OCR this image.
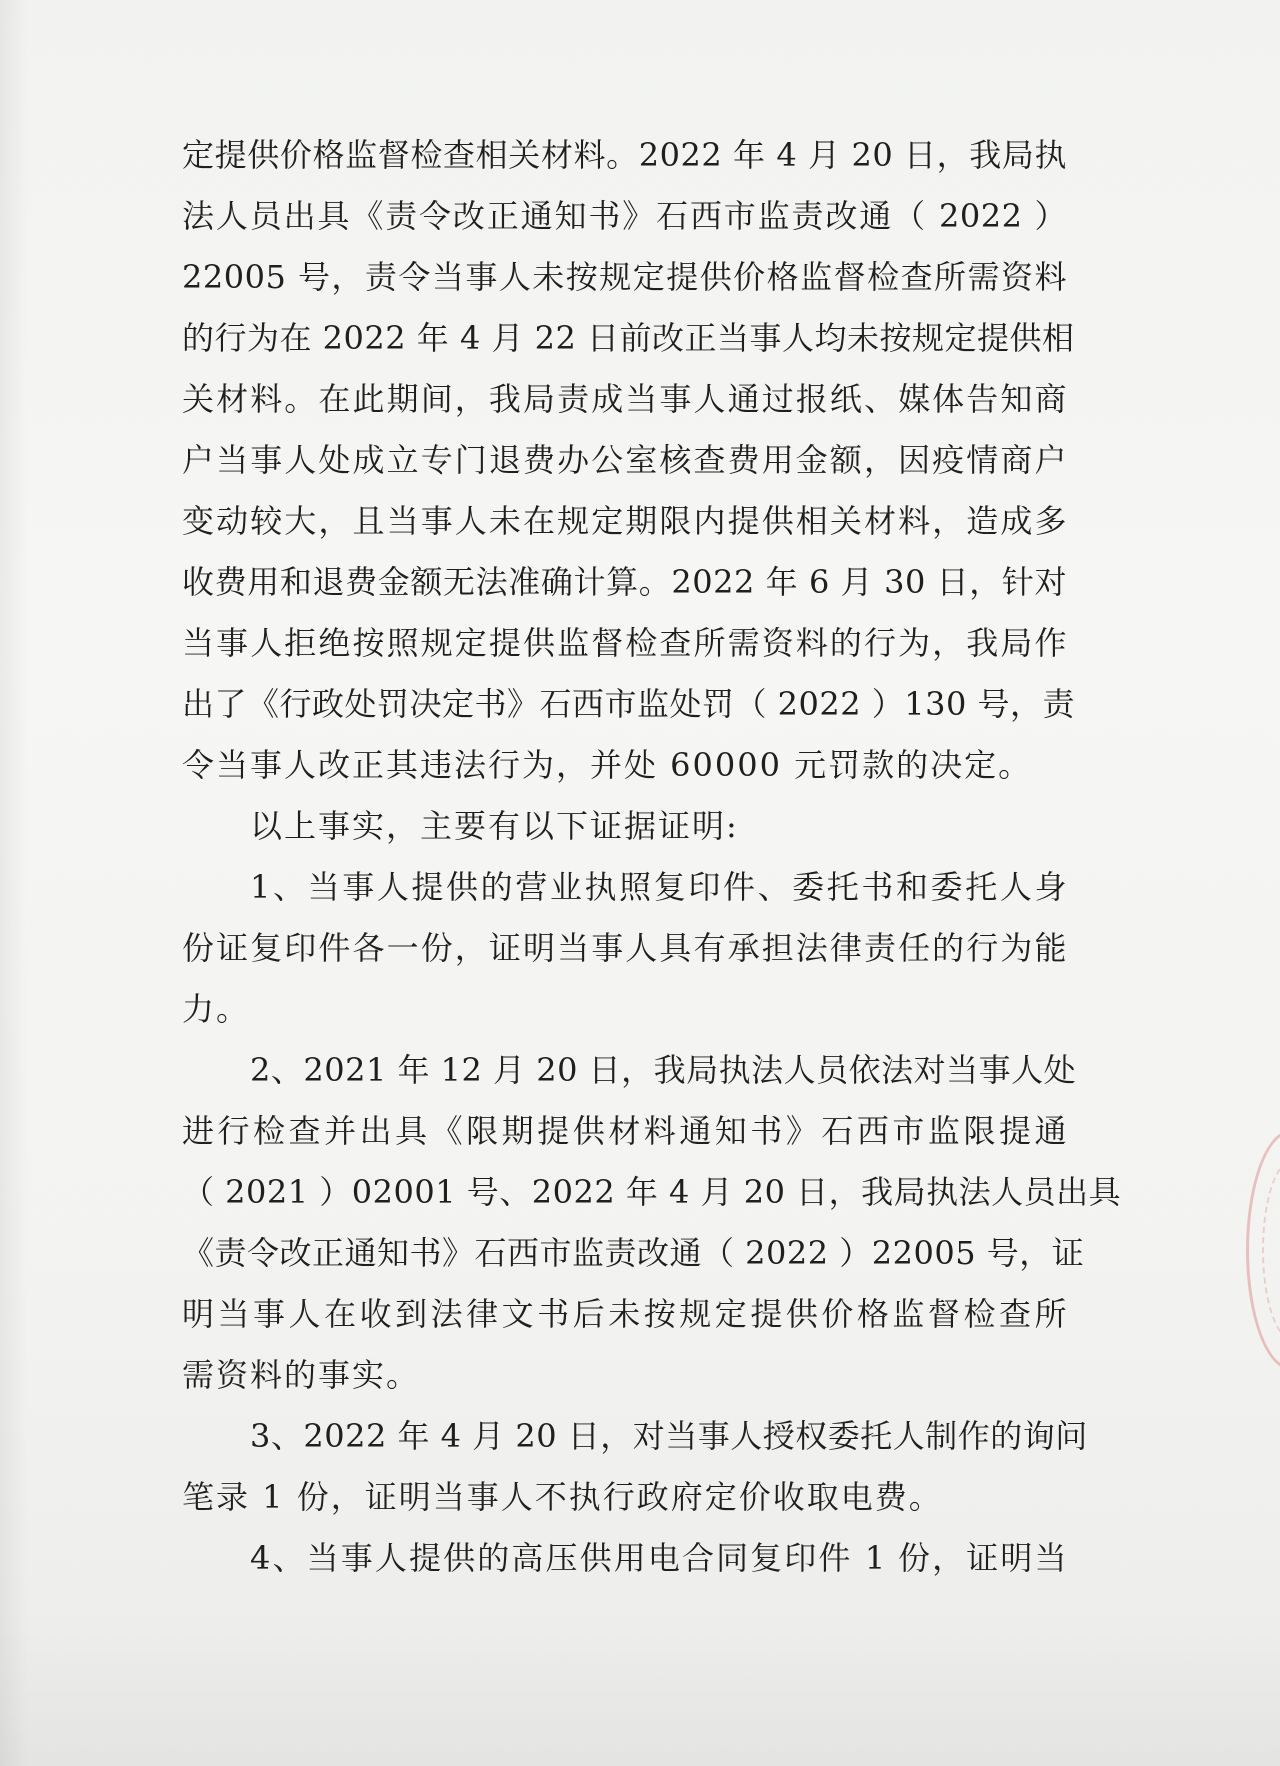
定提供价格监督检查相关材料。2022 年 4 月 20 日，我局执
法人员出具《责令改正通知书》石西市监责改通（ 2022 ）
22005 号，责令当事人未按规定提供价格监督检查所需资料
的行为在 2022 年 4 月 22 日前改正当事人均未按规定提供相
关材料。在此期间，我局责成当事人通过报纸、媒体告知商
户当事人处成立专门退费办公室核查费用金额，因疫情商户
变动较大，且当事人未在规定期限内提供相关材料，造成多
收费用和退费金额无法准确计算。2022 年 6 月 30 日，针对
当事人拒绝按照规定提供监督检查所需资料的行为，我局作
出了《行政处罚决定书》石西市监处罚（ 2022 ）130 号，责
令当事人改正其违法行为，并处 60000 元罚款的决定。
以上事实，主要有以下证据证明:
1、当事人提供的营业执照复印件、委托书和委托人身
份证复印件各一份，证明当事人具有承担法律责任的行为能
力。
2、2021 年 12 月 20 日，我局执法人员依法对当事人处
进行检查并出具《限期提供材料通知书》石西市监限提通
（ 2021 ）02001 号、2022 年 4 月 20 日，我局执法人员出具
《责令改正通知书》石西市监责改通（ 2022 ）22005 号，证
明当事人在收到法律文书后未按规定提供价格监督检查所
需资料的事实。
3、2022 年 4 月 20 日，对当事人授权委托人制作的询问
笔录 1 份，证明当事人不执行政府定价收取电费。
4、当事人提供的高压供用电合同复印件 1 份，证明当
